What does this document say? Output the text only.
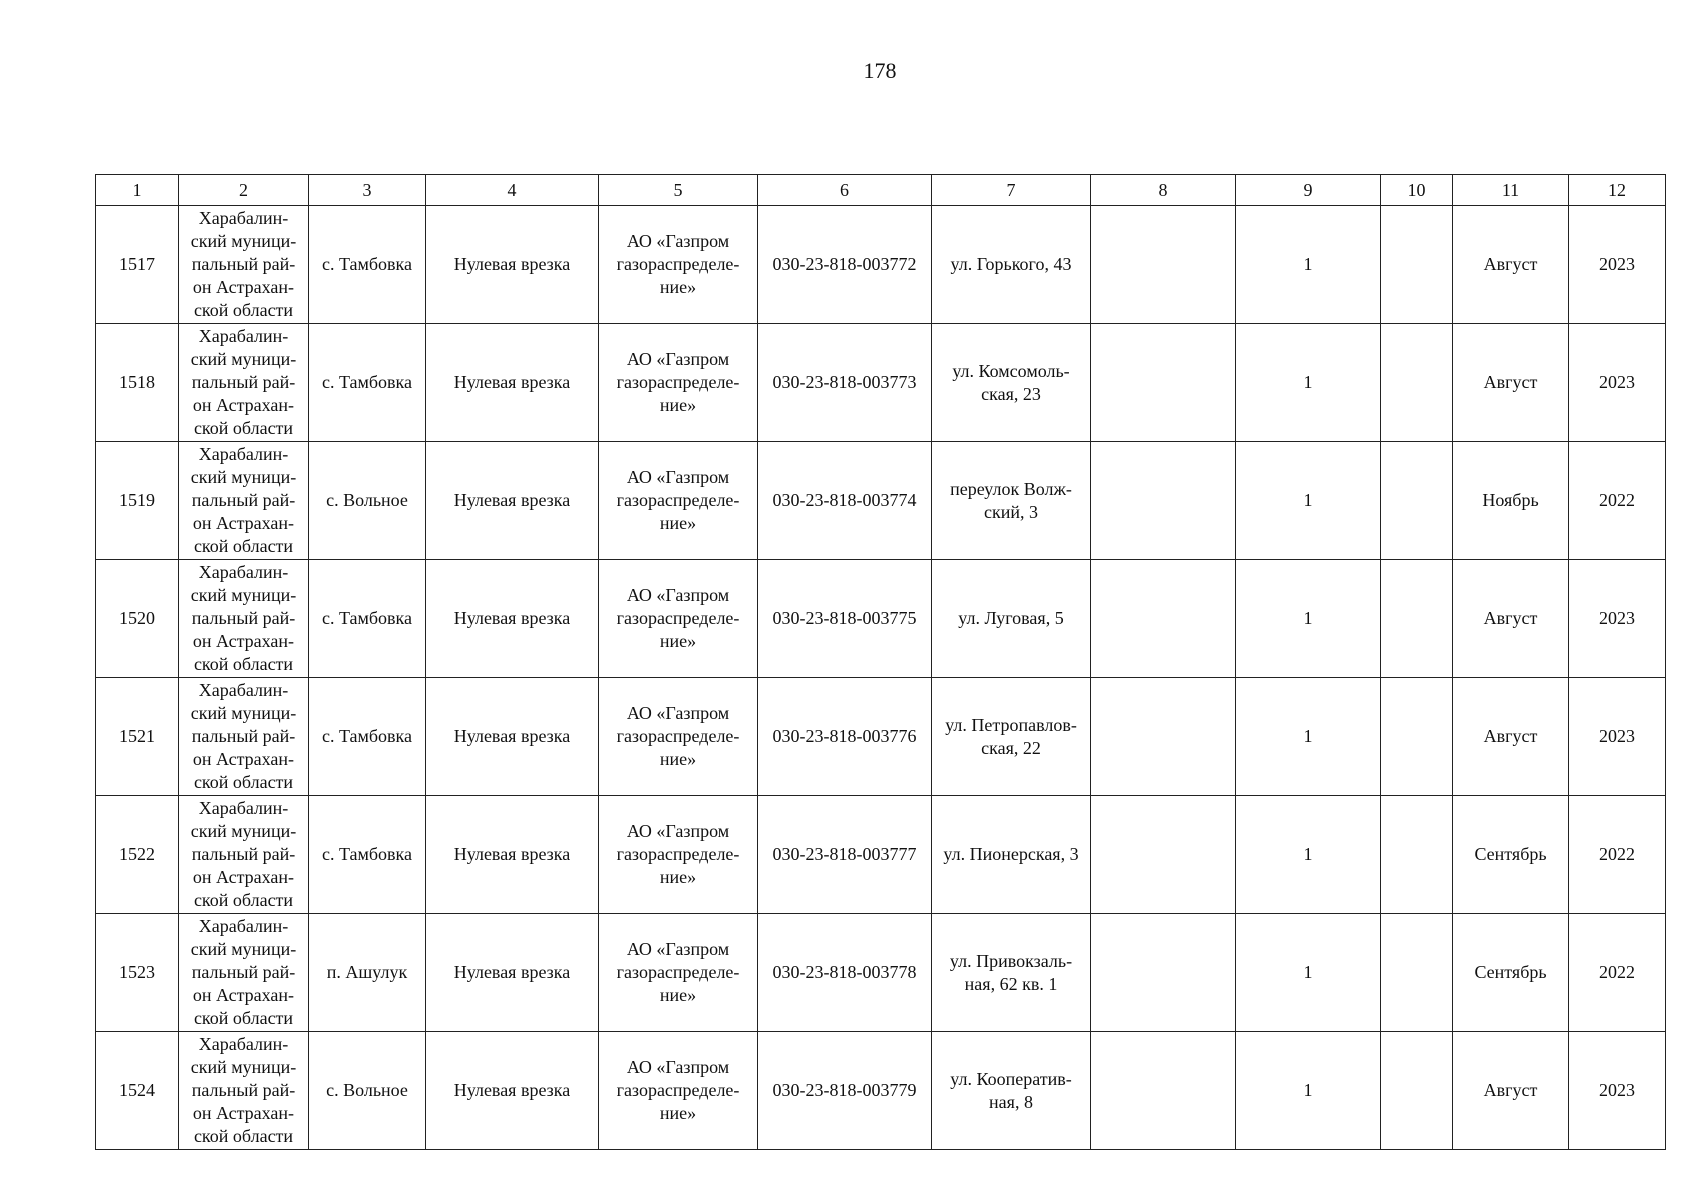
178
1	2	3	4	5	6	7	8	9	10	11	12
1517	Харабалин-
ский муници-
пальный рай-
он Астрахан-
ской области	с. Тамбовка	Нулевая врезка	АО «Газпром
газораспределе-
ние»	030-23-818-003772	ул. Горького, 43		1		Август	2023
1518	Харабалин-
ский муници-
пальный рай-
он Астрахан-
ской области	с. Тамбовка	Нулевая врезка	АО «Газпром
газораспределе-
ние»	030-23-818-003773	ул. Комсомоль-
ская, 23		1		Август	2023
1519	Харабалин-
ский муници-
пальный рай-
он Астрахан-
ской области	с. Вольное	Нулевая врезка	АО «Газпром
газораспределе-
ние»	030-23-818-003774	переулок Волж-
ский, 3		1		Ноябрь	2022
1520	Харабалин-
ский муници-
пальный рай-
он Астрахан-
ской области	с. Тамбовка	Нулевая врезка	АО «Газпром
газораспределе-
ние»	030-23-818-003775	ул. Луговая, 5		1		Август	2023
1521	Харабалин-
ский муници-
пальный рай-
он Астрахан-
ской области	с. Тамбовка	Нулевая врезка	АО «Газпром
газораспределе-
ние»	030-23-818-003776	ул. Петропавлов-
ская, 22		1		Август	2023
1522	Харабалин-
ский муници-
пальный рай-
он Астрахан-
ской области	с. Тамбовка	Нулевая врезка	АО «Газпром
газораспределе-
ние»	030-23-818-003777	ул. Пионерская, 3		1		Сентябрь	2022
1523	Харабалин-
ский муници-
пальный рай-
он Астрахан-
ской области	п. Ашулук	Нулевая врезка	АО «Газпром
газораспределе-
ние»	030-23-818-003778	ул. Привокзаль-
ная, 62 кв. 1		1		Сентябрь	2022
1524	Харабалин-
ский муници-
пальный рай-
он Астрахан-
ской области	с. Вольное	Нулевая врезка	АО «Газпром
газораспределе-
ние»	030-23-818-003779	ул. Кооператив-
ная, 8		1		Август	2023
